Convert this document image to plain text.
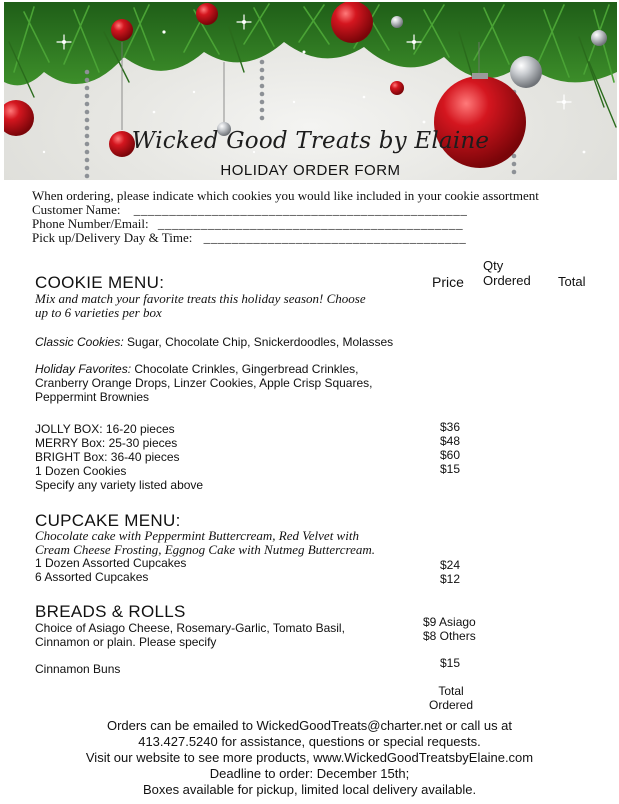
Wicked Good Treats by Elaine
HOLIDAY ORDER FORM
When ordering, please indicate which cookies you would like included in your cookie assortment
Customer Name: _______________________________________________
Phone Number/Email: ___________________________________________
Pick up/Delivery Day & Time: _____________________________________
Price
Qty
Ordered	Total
COOKIE MENU:
Mix and match your favorite treats this holiday season! Choose
up to 6 varieties per box
Classic Cookies: Sugar, Chocolate Chip, Snickerdoodles, Molasses
Holiday Favorites: Chocolate Crinkles, Gingerbread Crinkles,
Cranberry Orange Drops, Linzer Cookies, Apple Crisp Squares,
Peppermint Brownies
JOLLY BOX: 16-20 pieces
MERRY Box: 25-30 pieces
BRIGHT Box: 36-40 pieces
1 Dozen Cookies
Specify any variety listed above
$36
$48
$60
$15
CUPCAKE MENU:
Chocolate cake with Peppermint Buttercream, Red Velvet with
Cream Cheese Frosting, Eggnog Cake with Nutmeg Buttercream.
1 Dozen Assorted Cupcakes
6 Assorted Cupcakes
$24
$12
BREADS & ROLLS
Choice of Asiago Cheese, Rosemary-Garlic, Tomato Basil,
Cinnamon or plain. Please specify
$9 Asiago
$8 Others
Cinnamon Buns	$15
Total
Ordered
Orders can be emailed to WickedGoodTreats@charter.net or call us at
413.427.5240 for assistance, questions or special requests.
Visit our website to see more products, www.WickedGoodTreatsbyElaine.com
Deadline to order: December 15th;
Boxes available for pickup, limited local delivery available.
